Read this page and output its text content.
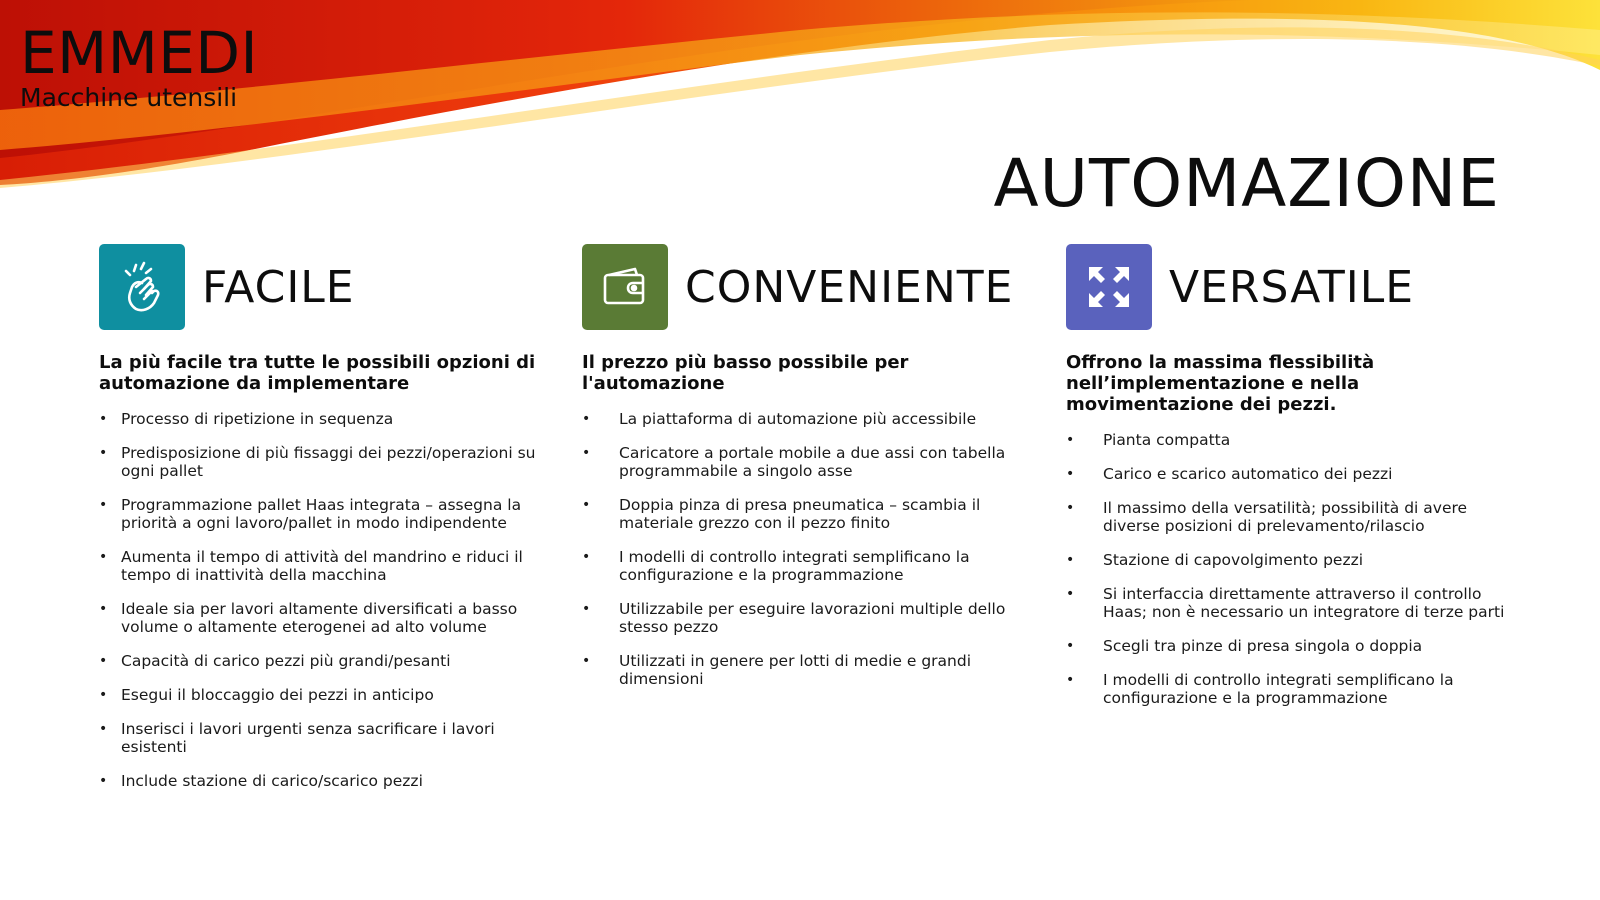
EMMEDI
Macchine utensili
AUTOMAZIONE
FACILE
La più facile tra tutte le possibili opzioni di automazione da implementare
• Processo di ripetizione in sequenza
• Predisposizione di più fissaggi dei pezzi/operazioni su ogni pallet
• Programmazione pallet Haas integrata – assegna la priorità a ogni lavoro/pallet in modo indipendente
• Aumenta il tempo di attività del mandrino e riduci il tempo di inattività della macchina
• Ideale sia per lavori altamente diversificati a basso volume o altamente eterogenei ad alto volume
• Capacità di carico pezzi più grandi/pesanti
• Esegui il bloccaggio dei pezzi in anticipo
• Inserisci i lavori urgenti senza sacrificare i lavori esistenti
• Include stazione di carico/scarico pezzi
CONVENIENTE
Il prezzo più basso possibile per l'automazione
• La piattaforma di automazione più accessibile
• Caricatore a portale mobile a due assi con tabella programmabile a singolo asse
• Doppia pinza di presa pneumatica – scambia il materiale grezzo con il pezzo finito
• I modelli di controllo integrati semplificano la configurazione e la programmazione
• Utilizzabile per eseguire lavorazioni multiple dello stesso pezzo
• Utilizzati in genere per lotti di medie e grandi dimensioni
VERSATILE
Offrono la massima flessibilità nell’implementazione e nella movimentazione dei pezzi.
• Pianta compatta
• Carico e scarico automatico dei pezzi
• Il massimo della versatilità; possibilità di avere diverse posizioni di prelevamento/rilascio
• Stazione di capovolgimento pezzi
• Si interfaccia direttamente attraverso il controllo Haas; non è necessario un integratore di terze parti
• Scegli tra pinze di presa singola o doppia
• I modelli di controllo integrati semplificano la configurazione e la programmazione
